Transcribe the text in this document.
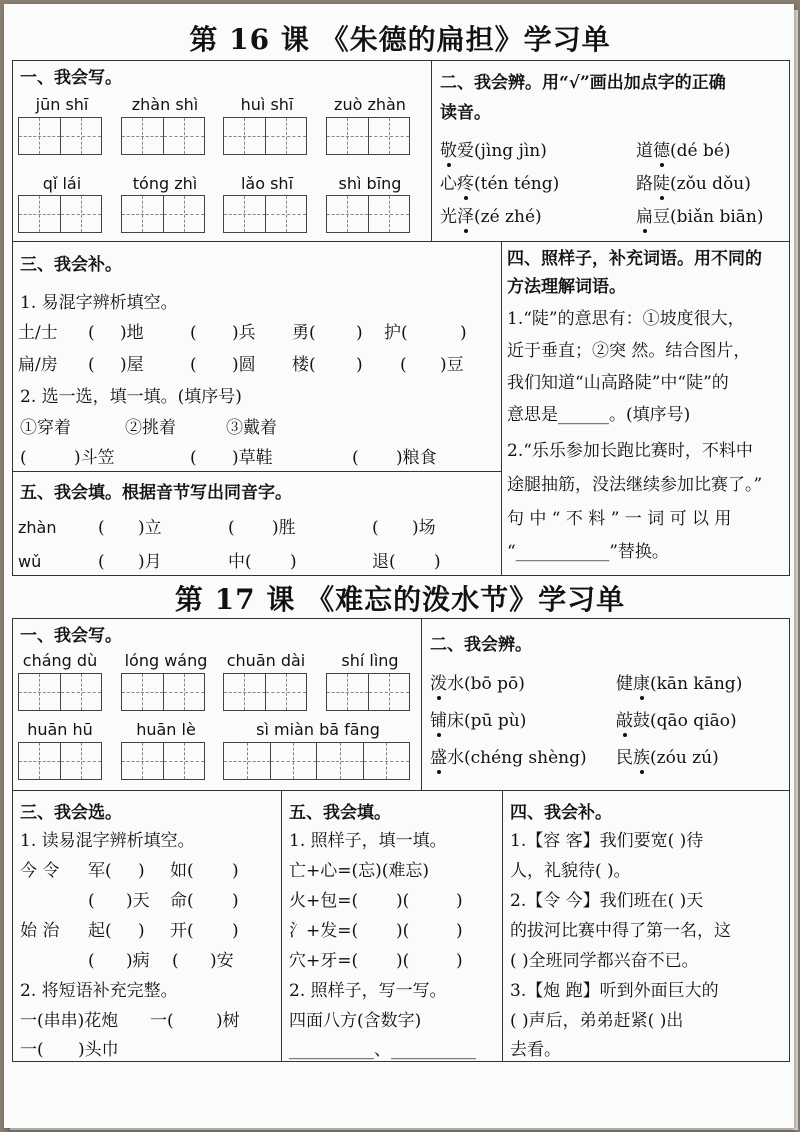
第 16 课 《朱德的扁担》学习单
一、我会写。
jūn shī	zhàn shì	huì shī	zuò zhàn
qǐ lái	tóng zhì	lǎo shī	shì bīng
二、我会辨。用“√”画出加点字的正确
读音。
敬爱(jìng jìn)	道德(dé bé)
心疼(tén téng)	路陡(zǒu dǒu)
光泽(zé zhé)	扁豆(biǎn biān)
三、我会补。
1. 易混字辨析填空。
土/士 ( )地	( )兵 勇( ) 护(	)
扁/房 ( )屋	( )圆 楼( ) ( )豆
2. 选一选，填一填。(填序号)
①穿着	②挑着	③戴着
(	)斗笠	( )草鞋	( )粮食
四、照样子，补充词语。用不同的
方法理解词语。
1.“陡”的意思有：①坡度很大，
近于垂直；②突 然。结合图片，
我们知道“山高路陡”中“陡”的
意思是______。(填序号)
2.“乐乐参加长跑比赛时，不料中
途腿抽筋，没法继续参加比赛了。”
句 中 “ 不 料 ” 一 词 可 以 用
“___________”替换。
五、我会填。根据音节写出同音字。
zhàn	( )立	( )胜	( )场
wǔ	( )月	中( )	退( )
第 17 课 《难忘的泼水节》学习单
一、我会写。
cháng dù	lóng wáng	chuān dài	shí lìng
huān hū	huān lè	sì miàn bā fāng
二、我会辨。
泼水(bō pō)	健康(kān kāng)
铺床(pū pù)	敲鼓(qāo qiāo)
盛水(chéng shèng) 民族(zóu zú)
三、我会选。
1. 读易混字辨析填空。
今 令 军( ) 如( )
( )天 命( )
始 治 起( ) 开( )
( )病 ( )安
2. 将短语补充完整。
一(串串)花炮 一( )树
一( )头巾
五、我会填。
1. 照样子，填一填。
亡+心=(忘)(难忘)
火+包=( )(	)
氵+发=( )(	)
穴+牙=( )(	)
2. 照样子，写一写。
四面八方(含数字)
__________、__________
四、我会补。
1.【容 客】我们要宽( )待
人，礼貌待( )。
2.【令 今】我们班在( )天
的拔河比赛中得了第一名，这
( )全班同学都兴奋不已。
3.【炮 跑】听到外面巨大的
( )声后，弟弟赶紧( )出
去看。
